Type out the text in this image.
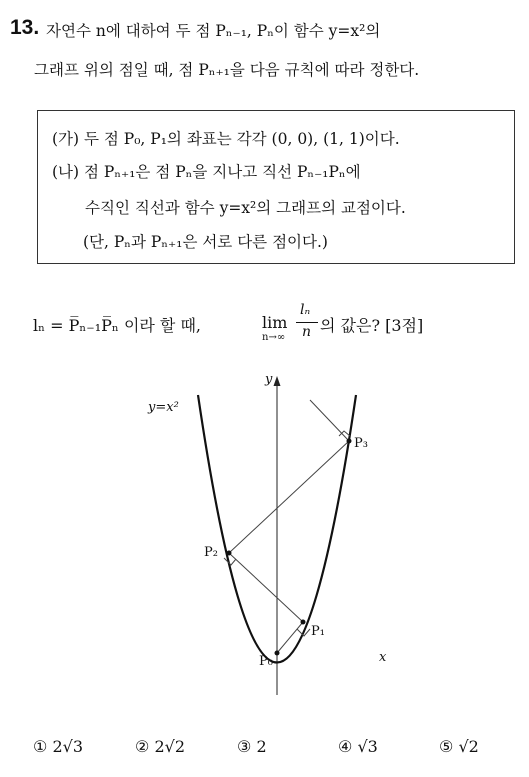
13. 자연수 n에 대하여 두 점 Pₙ₋₁, Pₙ이 함수 y=x²의
그래프 위의 점일 때, 점 Pₙ₊₁을 다음 규칙에 따라 정한다.
(가) 두 점 P₀, P₁의 좌표는 각각 (0, 0), (1, 1)이다.
(나) 점 Pₙ₊₁은 점 Pₙ을 지나고 직선 Pₙ₋₁Pₙ에
수직인 직선과 함수 y=x²의 그래프의 교점이다.
(단, Pₙ과 Pₙ₊₁은 서로 다른 점이다.)
lₙ = P̅ₙ₋₁P̅ₙ 이라 할 때,	lim
n→∞
lₙ
n 의 값은? [3점]
y=x²
y
x
P₀
P₁
P₂
P₃
① 2√3	② 2√2	③ 2	④ √3	⑤ √2
